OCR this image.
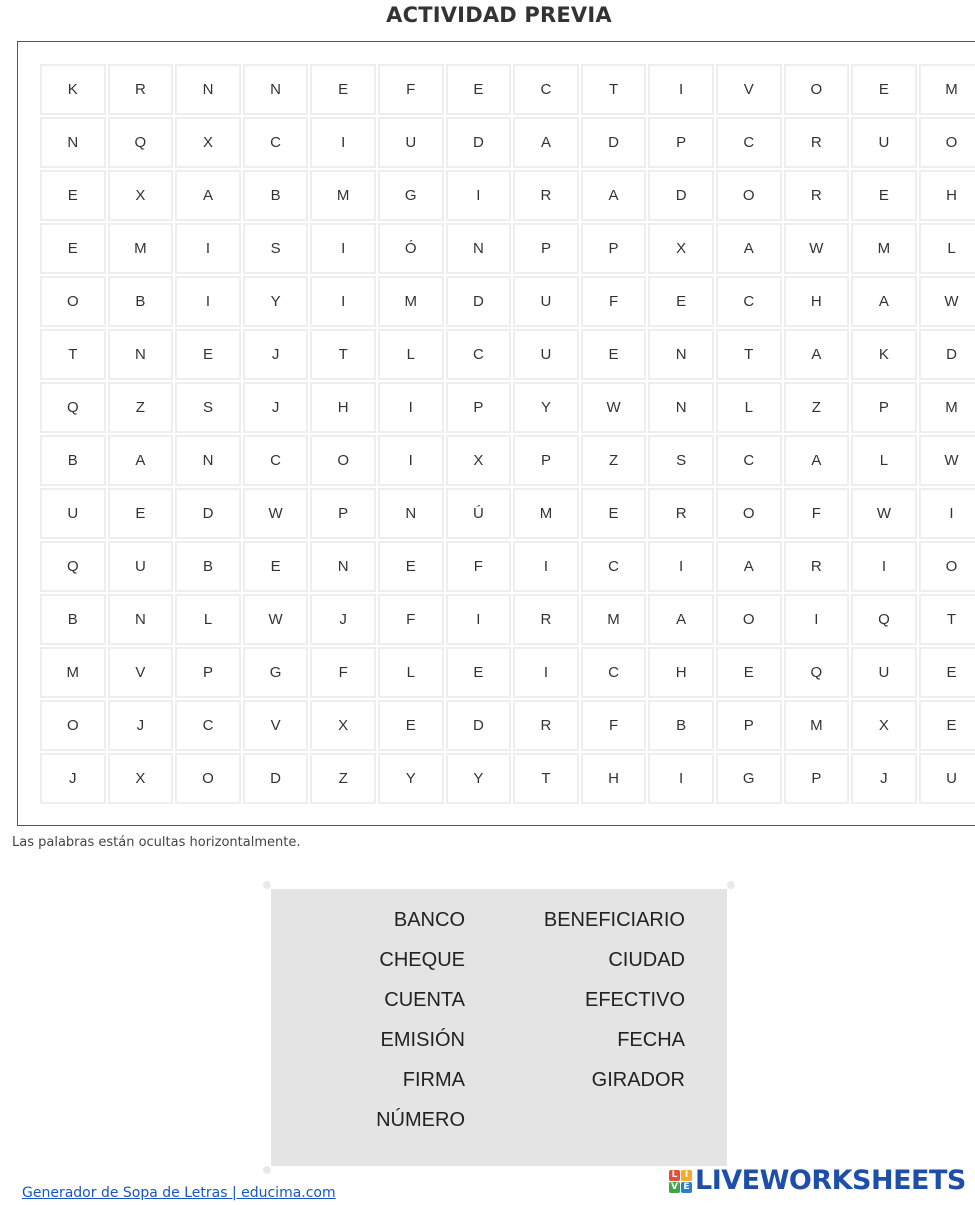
ACTIVIDAD PREVIA
K	R	N	N	E	F	E	C	T	I	V	O	E	M
N	Q	X	C	I	U	D	A	D	P	C	R	U	O
E	X	A	B	M	G	I	R	A	D	O	R	E	H
E	M	I	S	I	Ó	N	P	P	X	A	W	M	L
O	B	I	Y	I	M	D	U	F	E	C	H	A	W
T	N	E	J	T	L	C	U	E	N	T	A	K	D
Q	Z	S	J	H	I	P	Y	W	N	L	Z	P	M
B	A	N	C	O	I	X	P	Z	S	C	A	L	W
U	E	D	W	P	N	Ú	M	E	R	O	F	W	I
Q	U	B	E	N	E	F	I	C	I	A	R	I	O
B	N	L	W	J	F	I	R	M	A	O	I	Q	T
M	V	P	G	F	L	E	I	C	H	E	Q	U	E
O	J	C	V	X	E	D	R	F	B	P	M	X	E
J	X	O	D	Z	Y	Y	T	H	I	G	P	J	U
Las palabras están ocultas horizontalmente.
BANCO
CHEQUE
CUENTA
EMISIÓN
FIRMA
NÚMERO
BENEFICIARIO
CIUDAD
EFECTIVO
FECHA
GIRADOR
Generador de Sopa de Letras | educima.com
L I
V E LIVEWORKSHEETS
